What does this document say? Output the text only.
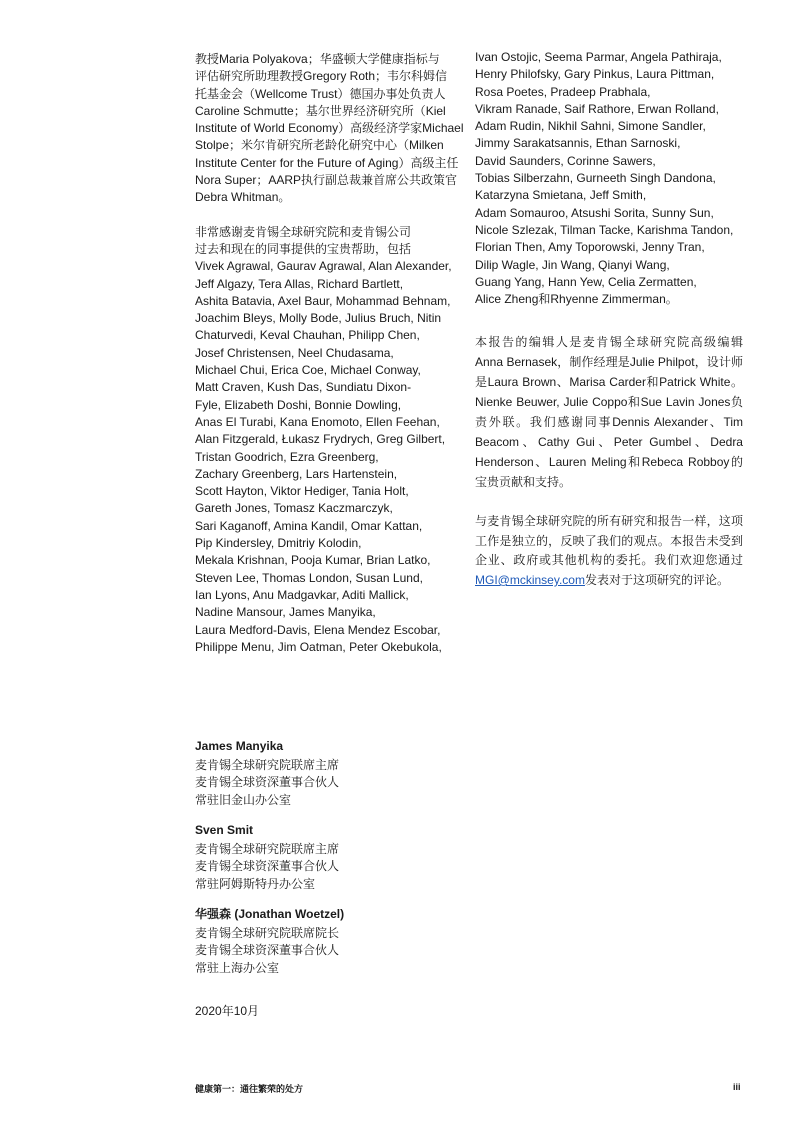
教授Maria Polyakova；华盛顿大学健康指标与

评估研究所助理教授Gregory Roth；韦尔科姆信

托基金会（Wellcome Trust）德国办事处负责人

Caroline Schmutte；基尔世界经济研究所（Kiel

Institute of World Economy）高级经济学家Michael

Stolpe；米尔肯研究所老龄化研究中心（Milken

Institute Center for the Future of Aging）高级主任

Nora Super；AARP执行副总裁兼首席公共政策官

Debra Whitman。

非常感谢麦肯锡全球研究院和麦肯锡公司

过去和现在的同事提供的宝贵帮助，包括

Vivek Agrawal, Gaurav Agrawal, Alan Alexander,

Jeff Algazy, Tera Allas, Richard Bartlett,

Ashita Batavia, Axel Baur, Mohammad Behnam,

Joachim Bleys, Molly Bode, Julius Bruch, Nitin

Chaturvedi, Keval Chauhan, Philipp Chen,

Josef Christensen, Neel Chudasama,

Michael Chui, Erica Coe, Michael Conway,

Matt Craven, Kush Das, Sundiatu Dixon-

Fyle, Elizabeth Doshi, Bonnie Dowling,

Anas El Turabi, Kana Enomoto, Ellen Feehan,

Alan Fitzgerald, Łukasz Frydrych, Greg Gilbert,

Tristan Goodrich, Ezra Greenberg,

Zachary Greenberg, Lars Hartenstein,

Scott Hayton, Viktor Hediger, Tania Holt,

Gareth Jones, Tomasz Kaczmarczyk,

Sari Kaganoff, Amina Kandil, Omar Kattan,

Pip Kindersley, Dmitriy Kolodin,

Mekala Krishnan, Pooja Kumar, Brian Latko,

Steven Lee, Thomas London, Susan Lund,

Ian Lyons, Anu Madgavkar, Aditi Mallick,

Nadine Mansour, James Manyika,

Laura Medford-Davis, Elena Mendez Escobar,

Philippe Menu, Jim Oatman, Peter Okebukola,

Ivan Ostojic, Seema Parmar, Angela Pathiraja,

Henry Philofsky, Gary Pinkus, Laura Pittman,

Rosa Poetes, Pradeep Prabhala,

Vikram Ranade, Saif Rathore, Erwan Rolland,

Adam Rudin, Nikhil Sahni, Simone Sandler,

Jimmy Sarakatsannis, Ethan Sarnoski,

David Saunders, Corinne Sawers,

Tobias Silberzahn, Gurneeth Singh Dandona,

Katarzyna Smietana, Jeff Smith,

Adam Somauroo, Atsushi Sorita, Sunny Sun,

Nicole Szlezak, Tilman Tacke, Karishma Tandon,

Florian Then, Amy Toporowski, Jenny Tran,

Dilip Wagle, Jin Wang, Qianyi Wang,

Guang Yang, Hann Yew, Celia Zermatten,

Alice Zheng和Rhyenne Zimmerman。

本报告的编辑人是麦肯锡全球研究院高级编辑Anna Bernasek，制作经理是Julie Philpot，设计师是Laura Brown、Marisa Carder和Patrick White。Nienke Beuwer, Julie Coppo和Sue Lavin Jones负责外联。我们感谢同事Dennis Alexander、Tim Beacom、Cathy Gui、Peter Gumbel、Dedra Henderson、Lauren Meling和Rebeca Robboy的宝贵贡献和支持。

与麦肯锡全球研究院的所有研究和报告一样，这项工作是独立的，反映了我们的观点。本报告未受到企业、政府或其他机构的委托。我们欢迎您通过MGI@mckinsey.com发表对于这项研究的评论。

James Manyika
麦肯锡全球研究院联席主席
麦肯锡全球资深董事合伙人
常驻旧金山办公室
Sven Smit
麦肯锡全球研究院联席主席
麦肯锡全球资深董事合伙人
常驻阿姆斯特丹办公室
华强森 (Jonathan Woetzel)
麦肯锡全球研究院联席院长
麦肯锡全球资深董事合伙人
常驻上海办公室
2020年10月
健康第一：通往繁荣的处方	iii
